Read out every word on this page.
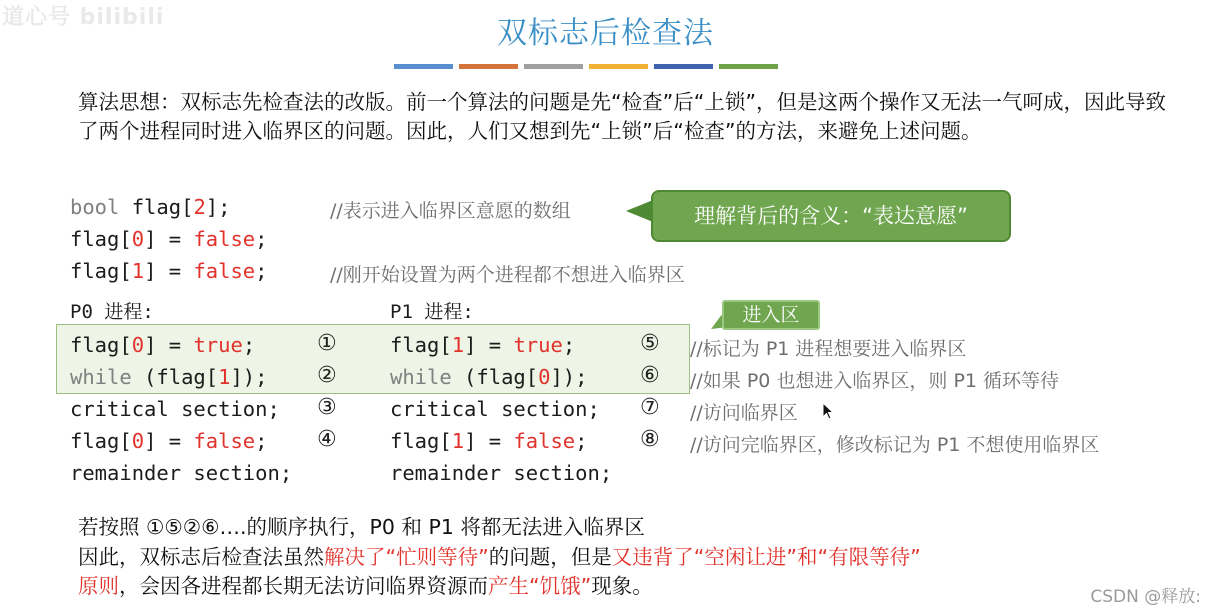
道心号 bilibili	双标志后检查法
算法思想：双标志先检查法的改版。前一个算法的问题是先“检查”后“上锁”，但是这两个操作又无法一气呵成，因此导致了两个进程同时进入临界区的问题。因此，人们又想到先“上锁”后“检查”的方法，来避免上述问题。
bool flag[2];	//表示进入临界区意愿的数组
flag[0] = false;
flag[1] = false;	//刚开始设置为两个进程都不想进入临界区
理解背后的含义：“表达意愿”
进入区
P0 进程:	P1 进程:
flag[0] = true;	①
while (flag[1]); ②
critical section; ③
flag[0] = false; ④
remainder section;
flag[1] = true;	⑤
while (flag[0]); ⑥
critical section; ⑦
flag[1] = false; ⑧
remainder section;
//标记为 P1 进程想要进入临界区
//如果 P0 也想进入临界区，则 P1 循环等待
//访问临界区
//访问完临界区，修改标记为 P1 不想使用临界区
若按照 ①⑤②⑥….的顺序执行，P0 和 P1 将都无法进入临界区
因此，双标志后检查法虽然解决了“忙则等待”的问题，但是又违背了“空闲让进”和“有限等待”
原则，会因各进程都长期无法访问临界资源而产生“饥饿”现象。	CSDN @释放:
